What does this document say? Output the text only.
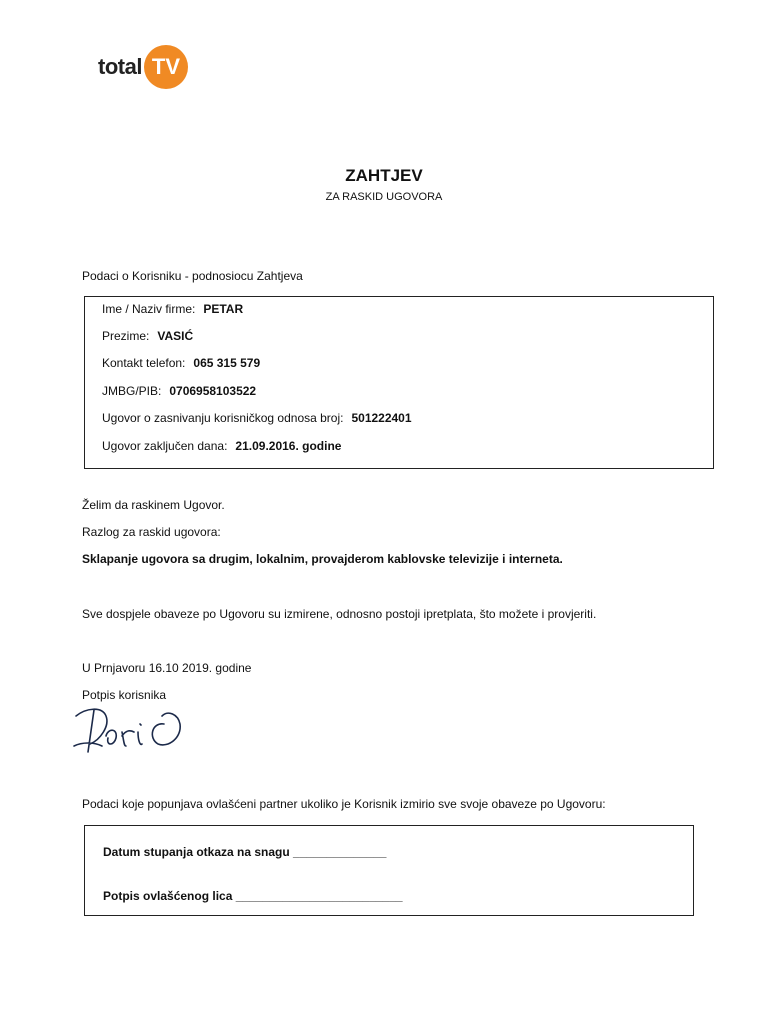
total TV
ZAHTJEV
ZA RASKID UGOVORA
Podaci o Korisniku - podnosiocu Zahtjeva
Ime / Naziv firme: PETAR
Prezime: VASIĆ
Kontakt telefon: 065 315 579
JMBG/PIB: 0706958103522
Ugovor o zasnivanju korisničkog odnosa broj: 501222401
Ugovor zaključen dana: 21.09.2016. godine
Želim da raskinem Ugovor.
Razlog za raskid ugovora:
Sklapanje ugovora sa drugim, lokalnim, provajderom kablovske televizije i interneta.
Sve dospjele obaveze po Ugovoru su izmirene, odnosno postoji ipretplata, što možete i provjeriti.
U Prnjavoru 16.10 2019. godine
Potpis korisnika
Podaci koje popunjava ovlašćeni partner ukoliko je Korisnik izmirio sve svoje obaveze po Ugovoru:
Datum stupanja otkaza na snagu ______________
Potpis ovlašćenog lica _________________________
